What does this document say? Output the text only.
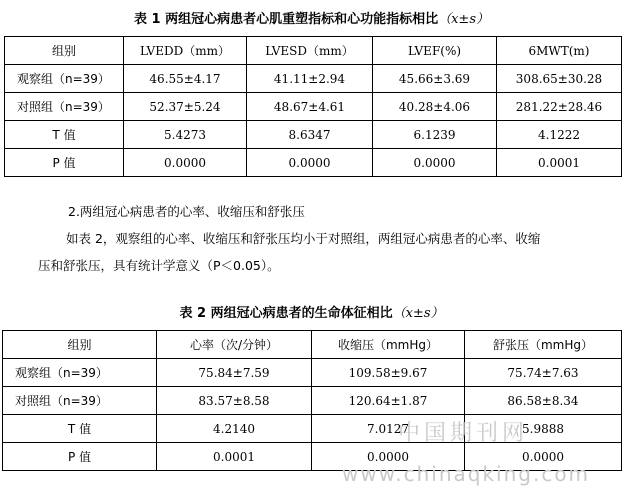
表 1 两组冠心病患者心肌重塑指标和心功能指标相比（x±s）
组别	LVEDD（mm）	LVESD（mm）	LVEF(%)	6MWT(m)
观察组（n=39）	46.55±4.17	41.11±2.94	45.66±3.69	308.65±30.28
对照组（n=39）	52.37±5.24	48.67±4.61	40.28±4.06	281.22±28.46
T 值	5.4273	8.6347	6.1239	4.1222
P 值	0.0000	0.0000	0.0000	0.0001
2.两组冠心病患者的心率、收缩压和舒张压
如表 2，观察组的心率、收缩压和舒张压均小于对照组，两组冠心病患者的心率、收缩
压和舒张压，具有统计学意义（P＜0.05）。
表 2 两组冠心病患者的生命体征相比（x±s）
组别	心率（次/分钟）	收缩压（mmHg）	舒张压（mmHg）
观察组（n=39）	75.84±7.59	109.58±9.67	75.74±7.63
对照组（n=39）	83.57±8.58	120.64±1.87	86.58±8.34
T 值	4.2140	7.0127	5.9888
P 值	0.0001	0.0000	0.0000
中国期刊网
www.chinaqking.com
